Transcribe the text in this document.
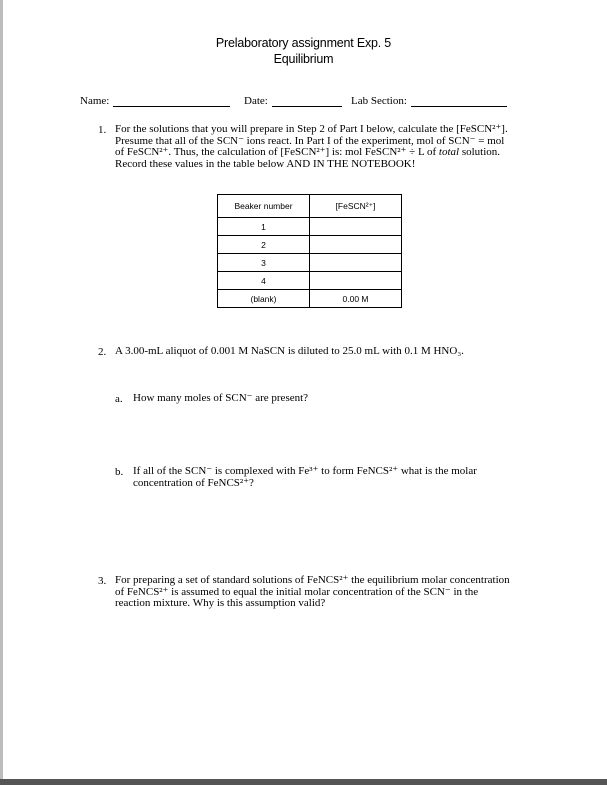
Prelaboratory assignment Exp. 5
Equilibrium
Name:	Date:	Lab Section:
1. For the solutions that you will prepare in Step 2 of Part I below, calculate the [FeSCN²⁺].
Presume that all of the SCN⁻ ions react. In Part I of the experiment, mol of SCN⁻ = mol
of FeSCN²⁺. Thus, the calculation of [FeSCN²⁺] is: mol FeSCN²⁺ ÷ L of total solution.
Record these values in the table below AND IN THE NOTEBOOK!
Beaker number	[FeSCN²⁺]
1	
2	
3	
4	
(blank)	0.00 M
2. A 3.00-mL aliquot of 0.001 M NaSCN is diluted to 25.0 mL with 0.1 M HNO₃.
a. How many moles of SCN⁻ are present?
b. If all of the SCN⁻ is complexed with Fe³⁺ to form FeNCS²⁺ what is the molar
concentration of FeNCS²⁺?
3. For preparing a set of standard solutions of FeNCS²⁺ the equilibrium molar concentration
of FeNCS²⁺ is assumed to equal the initial molar concentration of the SCN⁻ in the
reaction mixture. Why is this assumption valid?
